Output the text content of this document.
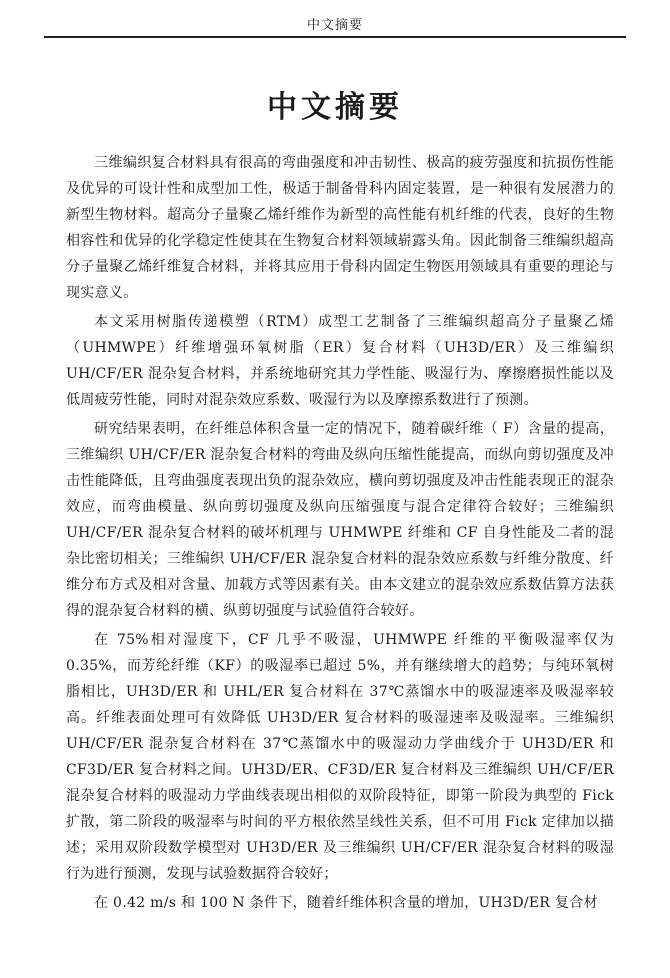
中文摘要
中文摘要

三维编织复合材料具有很高的弯曲强度和冲击韧性、极高的疲劳强度和抗损伤性能及优异的可设计性和成型加工性，极适于制备骨科内固定装置，是一种很有发展潜力的新型生物材料。超高分子量聚乙烯纤维作为新型的高性能有机纤维的代表，良好的生物相容性和优异的化学稳定性使其在生物复合材料领域崭露头角。因此制备三维编织超高分子量聚乙烯纤维复合材料，并将其应用于骨科内固定生物医用领域具有重要的理论与现实意义。

本文采用树脂传递模塑（RTM）成型工艺制备了三维编织超高分子量聚乙烯（UHMWPE）纤维增强环氧树脂（ER）复合材料（UH3D/ER）及三维编织UH/CF/ER 混杂复合材料，并系统地研究其力学性能、吸湿行为、摩擦磨损性能以及低周疲劳性能，同时对混杂效应系数、吸湿行为以及摩擦系数进行了预测。

研究结果表明，在纤维总体积含量一定的情况下，随着碳纤维（ F）含量的提高，三维编织 UH/CF/ER 混杂复合材料的弯曲及纵向压缩性能提高，而纵向剪切强度及冲击性能降低，且弯曲强度表现出负的混杂效应，横向剪切强度及冲击性能表现正的混杂效应，而弯曲模量、纵向剪切强度及纵向压缩强度与混合定律符合较好；三维编织 UH/CF/ER 混杂复合材料的破坏机理与 UHMWPE 纤维和 CF 自身性能及二者的混杂比密切相关；三维编织 UH/CF/ER 混杂复合材料的混杂效应系数与纤维分散度、纤维分布方式及相对含量、加载方式等因素有关。由本文建立的混杂效应系数估算方法获得的混杂复合材料的横、纵剪切强度与试验值符合较好。

在 75%相对湿度下，CF 几乎不吸湿，UHMWPE 纤维的平衡吸湿率仅为 0.35%，而芳纶纤维（KF）的吸湿率已超过 5%，并有继续增大的趋势；与纯环氧树脂相比，UH3D/ER 和 UHL/ER 复合材料在 37℃蒸馏水中的吸湿速率及吸湿率较高。纤维表面处理可有效降低 UH3D/ER 复合材料的吸湿速率及吸湿率。三维编织 UH/CF/ER 混杂复合材料在 37℃蒸馏水中的吸湿动力学曲线介于 UH3D/ER 和 CF3D/ER 复合材料之间。UH3D/ER、CF3D/ER 复合材料及三维编织 UH/CF/ER 混杂复合材料的吸湿动力学曲线表现出相似的双阶段特征，即第一阶段为典型的 Fick 扩散，第二阶段的吸湿率与时间的平方根依然呈线性关系，但不可用 Fick 定律加以描述；采用双阶段数学模型对 UH3D/ER 及三维编织 UH/CF/ER 混杂复合材料的吸湿行为进行预测，发现与试验数据符合较好；

在 0.42 m/s 和 100 N 条件下，随着纤维体积含量的增加，UH3D/ER 复合材
